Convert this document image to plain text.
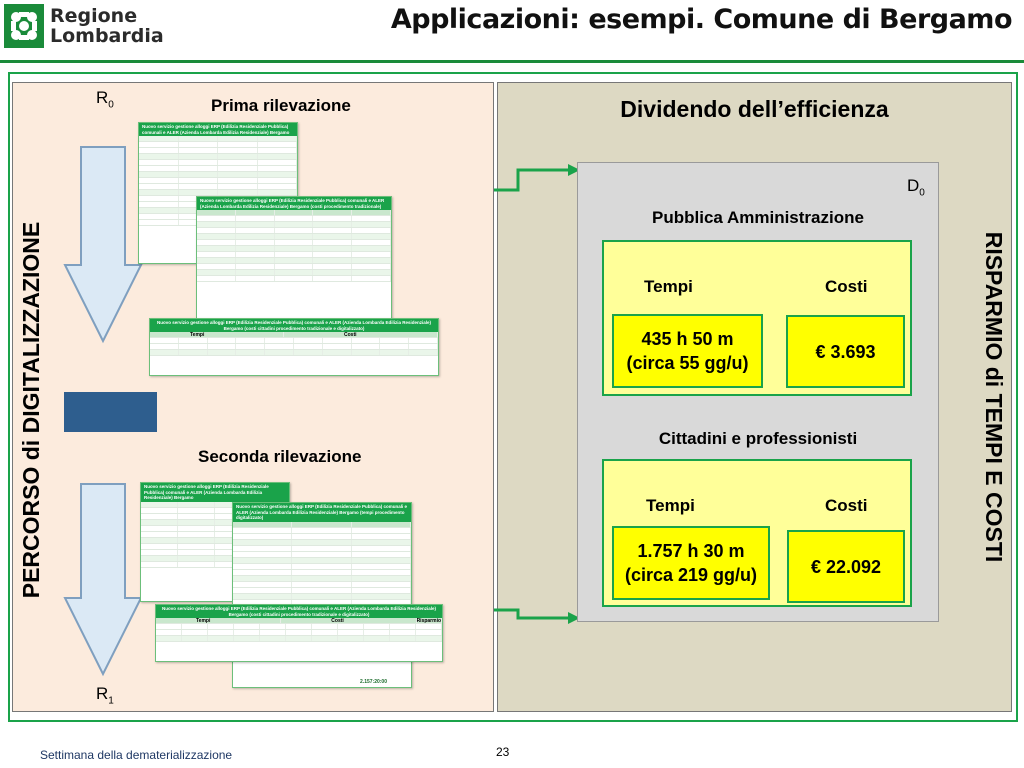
Regione
Lombardia
Applicazioni: esempi. Comune di Bergamo
$R_0$	Prima rilevazione
PERCORSO di DIGITALIZZAZIONE
$R_1$
Nuovo servizio gestione alloggi ERP (Edilizia Residenziale Pubblica) comunali e ALER (Azienda Lombarda Edilizia Residenziale) Bergamo
Nuovo servizio gestione alloggi ERP (Edilizia Residenziale Pubblica) comunali e ALER (Azienda Lombarda Edilizia Residenziale) Bergamo (costi procedimento tradizionale)
Nuovo servizio gestione alloggi ERP (Edilizia Residenziale Pubblica) comunali e ALER (Azienda Lombarda Edilizia Residenziale) Bergamo (costi cittadini procedimento tradizionale e digitalizzato)
Tempi	Costi
Seconda rilevazione
Nuovo servizio gestione alloggi ERP (Edilizia Residenziale Pubblica) comunali e ALER (Azienda Lombarda Edilizia Residenziale) Bergamo
Nuovo servizio gestione alloggi ERP (Edilizia Residenziale Pubblica) comunali e ALER (Azienda Lombarda Edilizia Residenziale) Bergamo (tempi procedimento digitalizzato)
2.157:20:00
Nuovo servizio gestione alloggi ERP (Edilizia Residenziale Pubblica) comunali e ALER (Azienda Lombarda Edilizia Residenziale) Bergamo (costi cittadini procedimento tradizionale e digitalizzato)
Tempi	Costi	Risparmio
Dividendo dell’efficienza
RISPARMIO di TEMPI E COSTI
$D_0$
Pubblica Amministrazione
Tempi	Costi
435 h 50 m
(circa 55 gg/u)
€ 3.693
Cittadini e professionisti
Tempi	Costi
1.757 h 30 m
(circa 219 gg/u)	€ 22.092
Settimana della dematerializzazione	23
